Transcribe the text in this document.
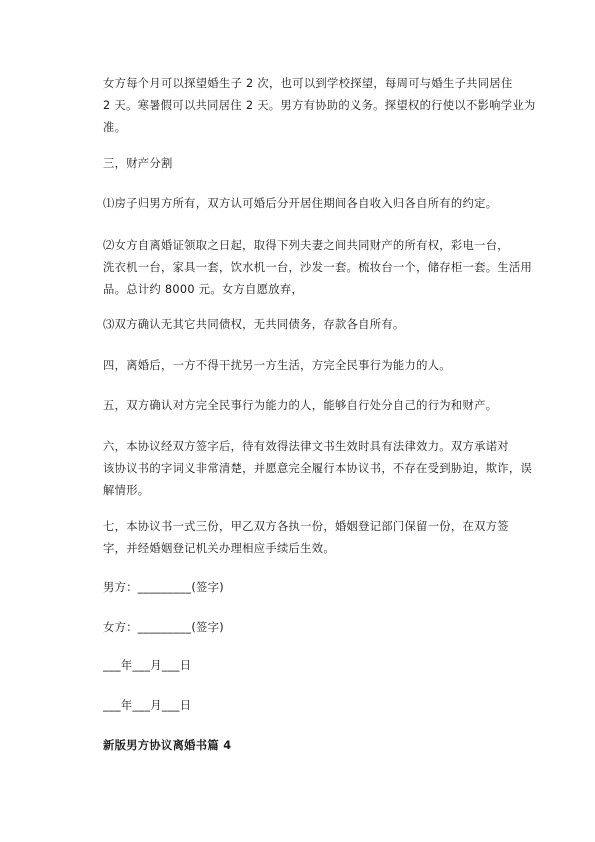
女方每个月可以探望婚生子 2 次，也可以到学校探望，每周可与婚生子共同居住
2 天。寒暑假可以共同居住 2 天。男方有协助的义务。探望权的行使以不影响学业为
准。

三，财产分割

⑴房子归男方所有，双方认可婚后分开居住期间各自收入归各自所有的约定。

⑵女方自离婚证领取之日起，取得下列夫妻之间共同财产的所有权，彩电一台，
洗衣机一台，家具一套，饮水机一台，沙发一套。梳妆台一个，储存柜一套。生活用
品。总计约 8000 元。女方自愿放弃，

⑶双方确认无其它共同债权，无共同债务，存款各自所有。

四，离婚后，一方不得干扰另一方生活，方完全民事行为能力的人。

五，双方确认对方完全民事行为能力的人，能够自行处分自己的行为和财产。

六，本协议经双方签字后，待有效得法律文书生效时具有法律效力。双方承诺对
该协议书的字词义非常清楚，并愿意完全履行本协议书，不存在受到胁迫，欺诈，误
解情形。

七，本协议书一式三份，甲乙双方各执一份，婚姻登记部门保留一份，在双方签
字，并经婚姻登记机关办理相应手续后生效。

男方：_________(签字)

女方：_________(签字)

___年___月___日

___年___月___日

新版男方协议离婚书篇 4
